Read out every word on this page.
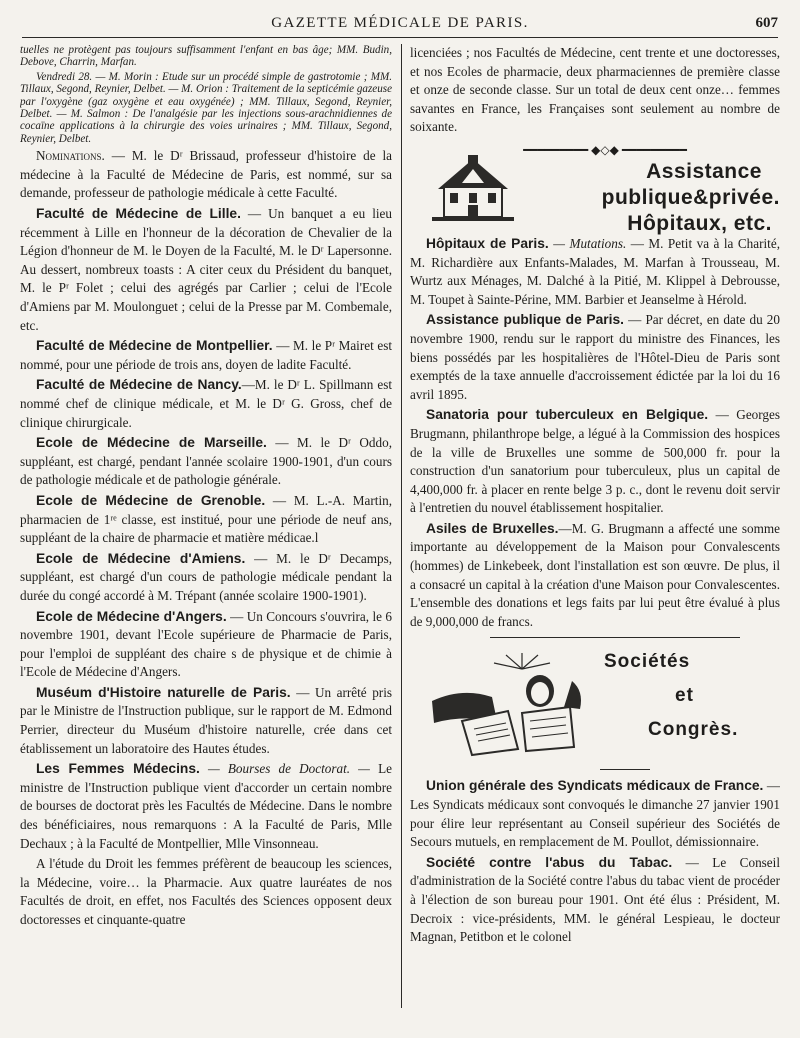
GAZETTE MÉDICALE DE PARIS.	607

tuelles ne protègent pas toujours suffisamment l'enfant en bas âge; MM. Budin, Debove, Charrin, Marfan.

Vendredi 28. — M. Morin : Etude sur un procédé simple de gastrotomie ; MM. Tillaux, Segond, Reynier, Delbet. — M. Orion : Traitement de la septicémie gazeuse par l'oxygène (gaz oxygène et eau oxygénée) ; MM. Tillaux, Segond, Reynier, Delbet. — M. Salmon : De l'analgésie par les injections sous-arachnidiennes de cocaïne applications à la chirurgie des voies urinaires ; MM. Tillaux, Segond, Reynier, Delbet.

Nominations. — M. le Dʳ Brissaud, professeur d'histoire de la médecine à la Faculté de Médecine de Paris, est nommé, sur sa demande, professeur de pathologie médicale à cette Faculté.

Faculté de Médecine de Lille. — Un banquet a eu lieu récemment à Lille en l'honneur de la décoration de Chevalier de la Légion d'honneur de M. le Doyen de la Faculté, M. le Dʳ Lapersonne. Au dessert, nombreux toasts : A citer ceux du Président du banquet, M. le Pʳ Folet ; celui des agrégés par Carlier ; celui de l'Ecole d'Amiens par M. Moulonguet ; celui de la Presse par M. Combemale, etc.

Faculté de Médecine de Montpellier. — M. le Pʳ Mairet est nommé, pour une période de trois ans, doyen de ladite Faculté.

Faculté de Médecine de Nancy.—M. le Dʳ L. Spillmann est nommé chef de clinique médicale, et M. le Dʳ G. Gross, chef de clinique chirurgicale.

Ecole de Médecine de Marseille. — M. le Dʳ Oddo, suppléant, est chargé, pendant l'année scolaire 1900-1901, d'un cours de pathologie médicale et de pathologie générale.

Ecole de Médecine de Grenoble. — M. L.-A. Martin, pharmacien de 1ʳᵉ classe, est institué, pour une période de neuf ans, suppléant de la chaire de pharmacie et matière médicae.l

Ecole de Médecine d'Amiens. — M. le Dʳ Decamps, suppléant, est chargé d'un cours de pathologie médicale pendant la durée du congé accordé à M. Trépant (année scolaire 1900-1901).

Ecole de Médecine d'Angers. — Un Concours s'ouvrira, le 6 novembre 1901, devant l'Ecole supérieure de Pharmacie de Paris, pour l'emploi de suppléant des chaire s de physique et de chimie à l'Ecole de Médecine d'Angers.

Muséum d'Histoire naturelle de Paris. — Un arrêté pris par le Ministre de l'Instruction publique, sur le rapport de M. Edmond Perrier, directeur du Muséum d'histoire naturelle, crée dans cet établissement un laboratoire des Hautes études.

Les Femmes Médecins. — Bourses de Doctorat. — Le ministre de l'Instruction publique vient d'accorder un certain nombre de bourses de doctorat près les Facultés de Médecine. Dans le nombre des bénéficiaires, nous remarquons : A la Faculté de Paris, Mlle Dechaux ; à la Faculté de Montpellier, Mlle Vinsonneau.

A l'étude du Droit les femmes préfèrent de beaucoup les sciences, la Médecine, voire… la Pharmacie. Aux quatre lauréates de nos Facultés de droit, en effet, nos Facultés des Sciences opposent deux doctoresses et cinquante-quatre

licenciées ; nos Facultés de Médecine, cent trente et une doctoresses, et nos Ecoles de pharmacie, deux pharmaciennes de première classe et onze de seconde classe. Sur un total de deux cent onze… femmes savantes en France, les Françaises sont seulement au nombre de soixante.

━━━━━━━━━ ◆◇◆ ━━━━━━━━━
Assistance
publique&privée.
Hôpitaux, etc.

Hôpitaux de Paris. — Mutations. — M. Petit va à la Charité, M. Richardière aux Enfants-Malades, M. Marfan à Trousseau, M. Wurtz aux Ménages, M. Dalché à la Pitié, M. Klippel à Debrousse, M. Toupet à Sainte-Périne, MM. Barbier et Jeanselme à Hérold.

Assistance publique de Paris. — Par décret, en date du 20 novembre 1900, rendu sur le rapport du ministre des Finances, les biens possédés par les hospitalières de l'Hôtel-Dieu de Paris sont exemptés de la taxe annuelle d'accroissement édictée par la loi du 16 avril 1895.

Sanatoria pour tuberculeux en Belgique. — Georges Brugmann, philanthrope belge, a légué à la Commission des hospices de la ville de Bruxelles une somme de 500,000 fr. pour la construction d'un sanatorium pour tuberculeux, plus un capital de 4,400,000 fr. à placer en rente belge 3 p. c., dont le revenu doit servir à l'entretien du nouvel établissement hospitalier.

Asiles de Bruxelles.—M. G. Brugmann a affecté une somme importante au développement de la Maison pour Convalescents (hommes) de Linkebeek, dont l'installation est son œuvre. De plus, il a consacré un capital à la création d'une Maison pour Convalescentes. L'ensemble des donations et legs faits par lui peut être évalué à plus de 9,000,000 de francs.

Sociétés
et
Congrès.

Union générale des Syndicats médicaux de France. — Les Syndicats médicaux sont convoqués le dimanche 27 janvier 1901 pour élire leur représentant au Conseil supérieur des Sociétés de Secours mutuels, en remplacement de M. Poullot, démissionnaire.

Société contre l'abus du Tabac. — Le Conseil d'administration de la Société contre l'abus du tabac vient de procéder à l'élection de son bureau pour 1901. Ont été élus : Président, M. Decroix : vice-présidents, MM. le général Lespieau, le docteur Magnan, Petitbon et le colonel
